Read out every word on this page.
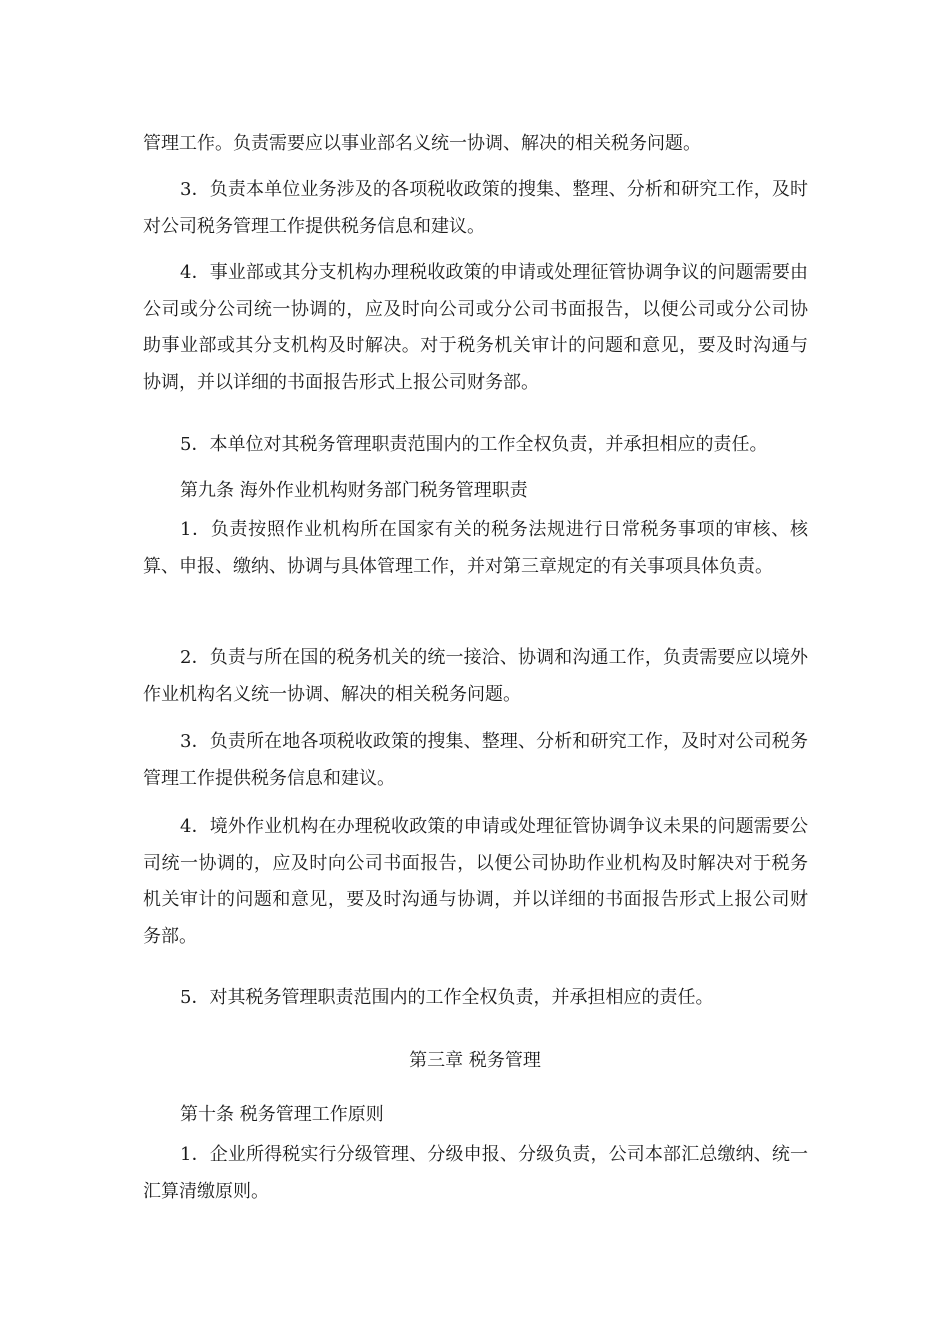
管理工作。负责需要应以事业部名义统一协调、解决的相关税务问题。
3．负责本单位业务涉及的各项税收政策的搜集、整理、分析和研究工作，及时对公司税务管理工作提供税务信息和建议。
4．事业部或其分支机构办理税收政策的申请或处理征管协调争议的问题需要由公司或分公司统一协调的，应及时向公司或分公司书面报告，以便公司或分公司协助事业部或其分支机构及时解决。对于税务机关审计的问题和意见，要及时沟通与协调，并以详细的书面报告形式上报公司财务部。
5．本单位对其税务管理职责范围内的工作全权负责，并承担相应的责任。
第九条 海外作业机构财务部门税务管理职责
1．负责按照作业机构所在国家有关的税务法规进行日常税务事项的审核、核算、申报、缴纳、协调与具体管理工作，并对第三章规定的有关事项具体负责。
2．负责与所在国的税务机关的统一接洽、协调和沟通工作，负责需要应以境外作业机构名义统一协调、解决的相关税务问题。
3．负责所在地各项税收政策的搜集、整理、分析和研究工作，及时对公司税务管理工作提供税务信息和建议。
4．境外作业机构在办理税收政策的申请或处理征管协调争议未果的问题需要公司统一协调的，应及时向公司书面报告，以便公司协助作业机构及时解决对于税务机关审计的问题和意见，要及时沟通与协调，并以详细的书面报告形式上报公司财务部。
5．对其税务管理职责范围内的工作全权负责，并承担相应的责任。
第三章 税务管理
第十条 税务管理工作原则
1．企业所得税实行分级管理、分级申报、分级负责，公司本部汇总缴纳、统一汇算清缴原则。
